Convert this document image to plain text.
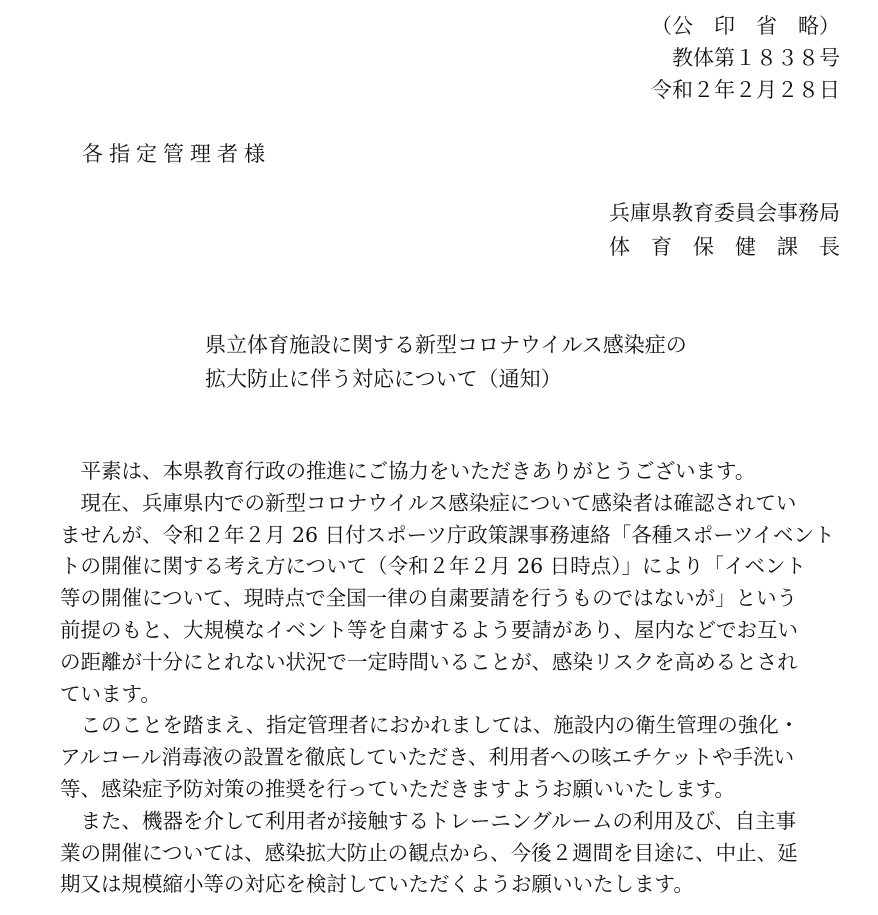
（公　印　省　略）
教体第１８３８号
令和２年２月２８日
各指定管理者様
兵庫県教育委員会事務局
体 育 保 健 課 長
県立体育施設に関する新型コロナウイルス感染症の
拡大防止に伴う対応について（通知）
　平素は、本県教育行政の推進にご協力をいただきありがとうございます。
　現在、兵庫県内での新型コロナウイルス感染症について感染者は確認されてい
ませんが、令和２年２月 26 日付スポーツ庁政策課事務連絡「各種スポーツイベント
トの開催に関する考え方について（令和２年２月 26 日時点）」により「イベント
等の開催について、現時点で全国一律の自粛要請を行うものではないが」という
前提のもと、大規模なイベント等を自粛するよう要請があり、屋内などでお互い
の距離が十分にとれない状況で一定時間いることが、感染リスクを高めるとされ
ています。
　このことを踏まえ、指定管理者におかれましては、施設内の衛生管理の強化・
アルコール消毒液の設置を徹底していただき、利用者への咳エチケットや手洗い
等、感染症予防対策の推奨を行っていただきますようお願いいたします。
　また、機器を介して利用者が接触するトレーニングルームの利用及び、自主事
業の開催については、感染拡大防止の観点から、今後２週間を目途に、中止、延
期又は規模縮小等の対応を検討していただくようお願いいたします。
